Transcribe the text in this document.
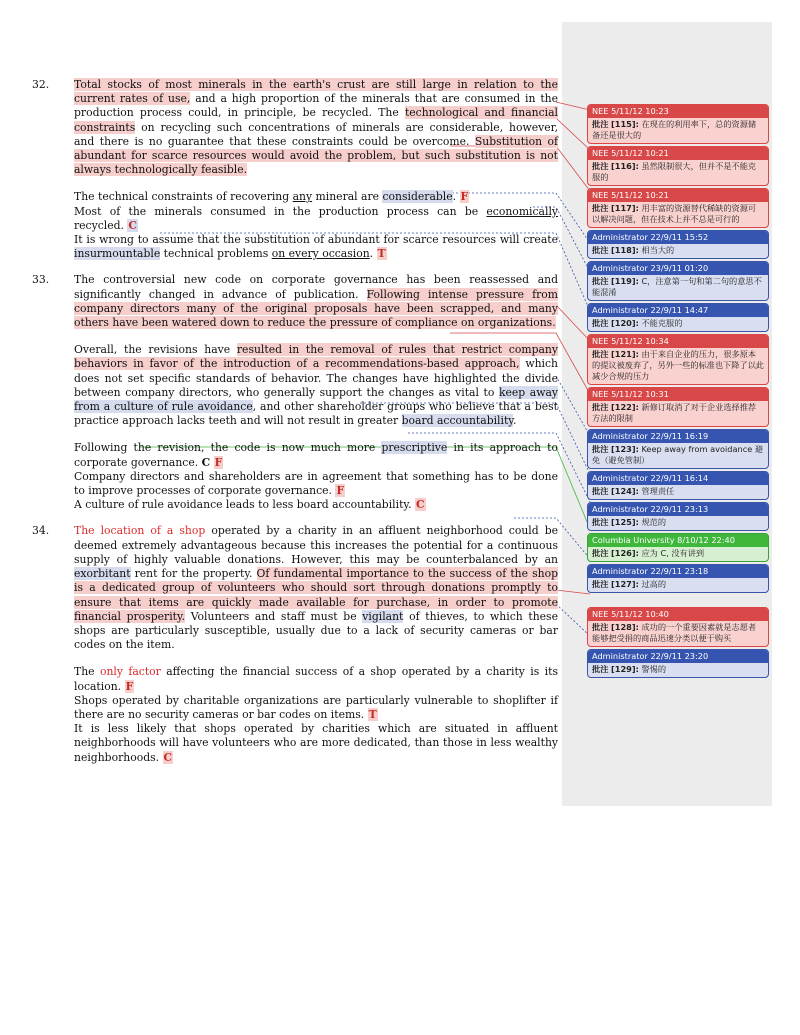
32.	Total stocks of most minerals in the earth's crust are still large in relation to the current rates of use, and a high proportion of the minerals that are consumed in the production process could, in principle, be recycled. The technological and financial constraints on recycling such concentrations of minerals are considerable, however, and there is no guarantee that these constraints could be overcome. Substitution of abundant for scarce resources would avoid the problem, but such substitution is not always technologically feasible.

The technical constraints of recovering any mineral are considerable. F

Most of the minerals consumed in the production process can be economically recycled. C

It is wrong to assume that the substitution of abundant for scarce resources will create insurmountable technical problems on every occasion. T

33.	The controversial new code on corporate governance has been reassessed and significantly changed in advance of publication. Following intense pressure from company directors many of the original proposals have been scrapped, and many others have been watered down to reduce the pressure of compliance on organizations.

Overall, the revisions have resulted in the removal of rules that restrict company behaviors in favor of the introduction of a recommendations-based approach, which does not set specific standards of behavior. The changes have highlighted the divide between company directors, who generally support the changes as vital to keep away from a culture of rule avoidance, and other shareholder groups who believe that a best practice approach lacks teeth and will not result in greater board accountability.

Following the revision, the code is now much more prescriptive in its approach to corporate governance. C F

Company directors and shareholders are in agreement that something has to be done to improve processes of corporate governance. F

A culture of rule avoidance leads to less board accountability. C

34.	The location of a shop operated by a charity in an affluent neighborhood could be deemed extremely advantageous because this increases the potential for a continuous supply of highly valuable donations. However, this may be counterbalanced by an exorbitant rent for the property. Of fundamental importance to the success of the shop is a dedicated group of volunteers who should sort through donations promptly to ensure that items are quickly made available for purchase, in order to promote financial prosperity. Volunteers and staff must be vigilant of thieves, to which these shops are particularly susceptible, usually due to a lack of security cameras or bar codes on the item.

The only factor affecting the financial success of a shop operated by a charity is its location. F

Shops operated by charitable organizations are particularly vulnerable to shoplifter if there are no security cameras or bar codes on items. T

It is less likely that shops operated by charities which are situated in affluent neighborhoods will have volunteers who are more dedicated, than those in less wealthy neighborhoods. C

NEE 5/11/12 10:23
批注 [115]: 在现在的利用率下，总的资源储备还是很大的
NEE 5/11/12 10:21
批注 [116]: 虽然限制很大，但并不是不能克服的
NEE 5/11/12 10:21
批注 [117]: 用丰富的资源替代稀缺的资源可以解决问题，但在技术上并不总是可行的
Administrator 22/9/11 15:52
批注 [118]: 相当大的
Administrator 23/9/11 01:20
批注 [119]: C，注意第一句和第二句的意思不能混淆
Administrator 22/9/11 14:47
批注 [120]: 不能克服的
NEE 5/11/12 10:34
批注 [121]: 由于来自企业的压力，很多原本的提议被废弃了，另外一些的标准也下降了以此减少合规的压力
NEE 5/11/12 10:31
批注 [122]: 新修订取消了对于企业选择推荐方法的限制
Administrator 22/9/11 16:19
批注 [123]: Keep away from avoidance 避免（避免管制）
Administrator 22/9/11 16:14
批注 [124]: 管理责任
Administrator 22/9/11 23:13
批注 [125]: 规范的
Columbia University 8/10/12 22:40
批注 [126]: 应为 C, 没有讲到
Administrator 22/9/11 23:18
批注 [127]: 过高的
NEE 5/11/12 10:40
批注 [128]: 成功的一个重要因素就是志愿者能够把受捐的商品迅速分类以便于购买
Administrator 22/9/11 23:20
批注 [129]: 警惕的
